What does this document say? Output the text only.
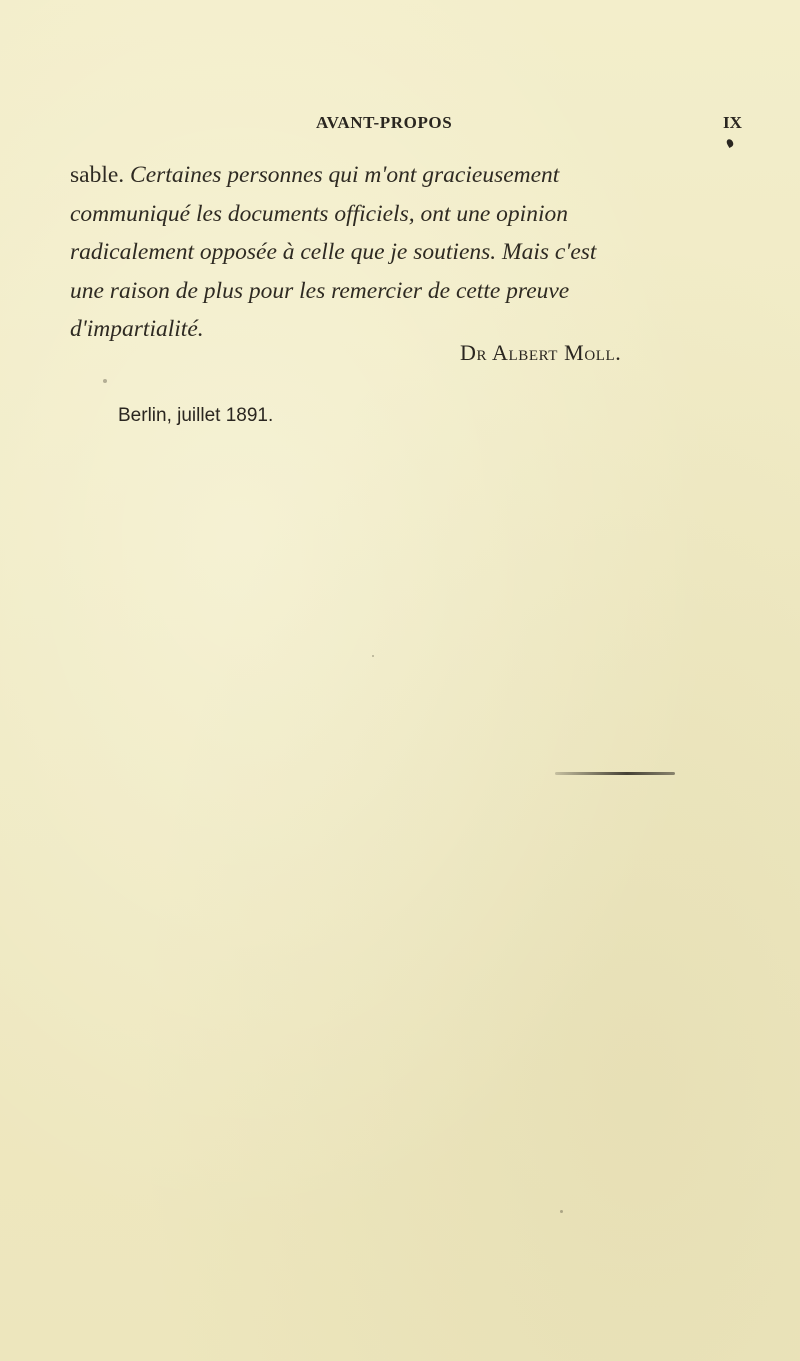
AVANT-PROPOS	IX
sable. Certaines personnes qui m'ont gracieusement
communiqué les documents officiels, ont une opinion
radicalement opposée à celle que je soutiens. Mais c'est
une raison de plus pour les remercier de cette preuve
d'impartialité.
Dr Albert Moll.
Berlin, juillet 1891.
